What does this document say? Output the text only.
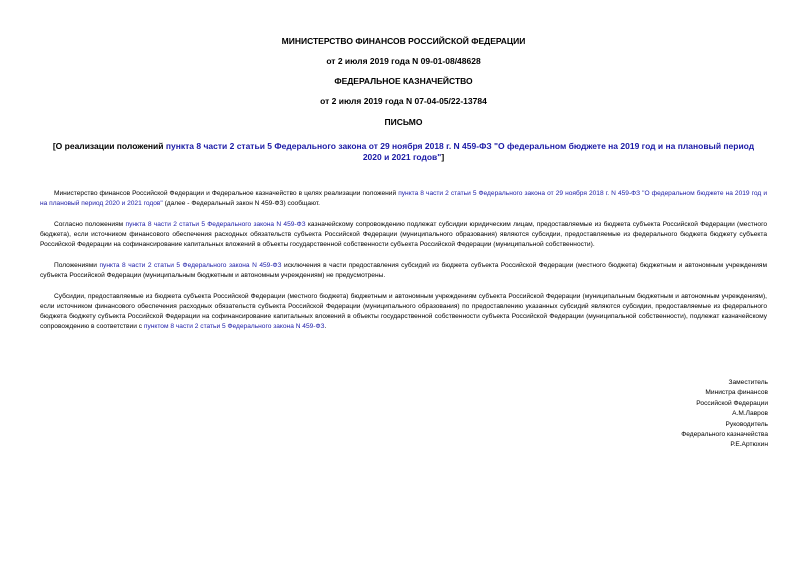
МИНИСТЕРСТВО ФИНАНСОВ РОССИЙСКОЙ ФЕДЕРАЦИИ
от 2 июля 2019 года N 09-01-08/48628
ФЕДЕРАЛЬНОЕ КАЗНАЧЕЙСТВО
от 2 июля 2019 года N 07-04-05/22-13784
ПИСЬМО
[О реализации положений пункта 8 части 2 статьи 5 Федерального закона от 29 ноября 2018 г. N 459-ФЗ "О федеральном бюджете на 2019 год и на плановый период 2020 и 2021 годов"]

Министерство финансов Российской Федерации и Федеральное казначейство в целях реализации положений пункта 8 части 2 статьи 5 Федерального закона от 29 ноября 2018 г. N 459-ФЗ "О федеральном бюджете на 2019 год и на плановый период 2020 и 2021 годов" (далее - Федеральный закон N 459-ФЗ) сообщают.

Согласно положениям пункта 8 части 2 статьи 5 Федерального закона N 459-ФЗ казначейскому сопровождению подлежат субсидии юридическим лицам, предоставляемые из бюджета субъекта Российской Федерации (местного бюджета), если источником финансового обеспечения расходных обязательств субъекта Российской Федерации (муниципального образования) являются субсидии, предоставляемые из федерального бюджета бюджету субъекта Российской Федерации на софинансирование капитальных вложений в объекты государственной собственности субъекта Российской Федерации (муниципальной собственности).

Положениями пункта 8 части 2 статьи 5 Федерального закона N 459-ФЗ исключения в части предоставления субсидий из бюджета субъекта Российской Федерации (местного бюджета) бюджетным и автономным учреждениям субъекта Российской Федерации (муниципальным бюджетным и автономным учреждениям) не предусмотрены.

Субсидии, предоставляемые из бюджета субъекта Российской Федерации (местного бюджета) бюджетным и автономным учреждениям субъекта Российской Федерации (муниципальным бюджетным и автономным учреждениям), если источником финансового обеспечения расходных обязательств субъекта Российской Федерации (муниципального образования) по предоставлению указанных субсидий являются субсидии, предоставляемые из федерального бюджета бюджету субъекта Российской Федерации на софинансирование капитальных вложений в объекты государственной собственности субъекта Российской Федерации (муниципальной собственности), подлежат казначейскому сопровождению в соответствии с пунктом 8 части 2 статьи 5 Федерального закона N 459-ФЗ.

Заместитель
Министра финансов
Российской Федерации
А.М.Лавров
Руководитель
Федерального казначейства
Р.Е.Артюхин
